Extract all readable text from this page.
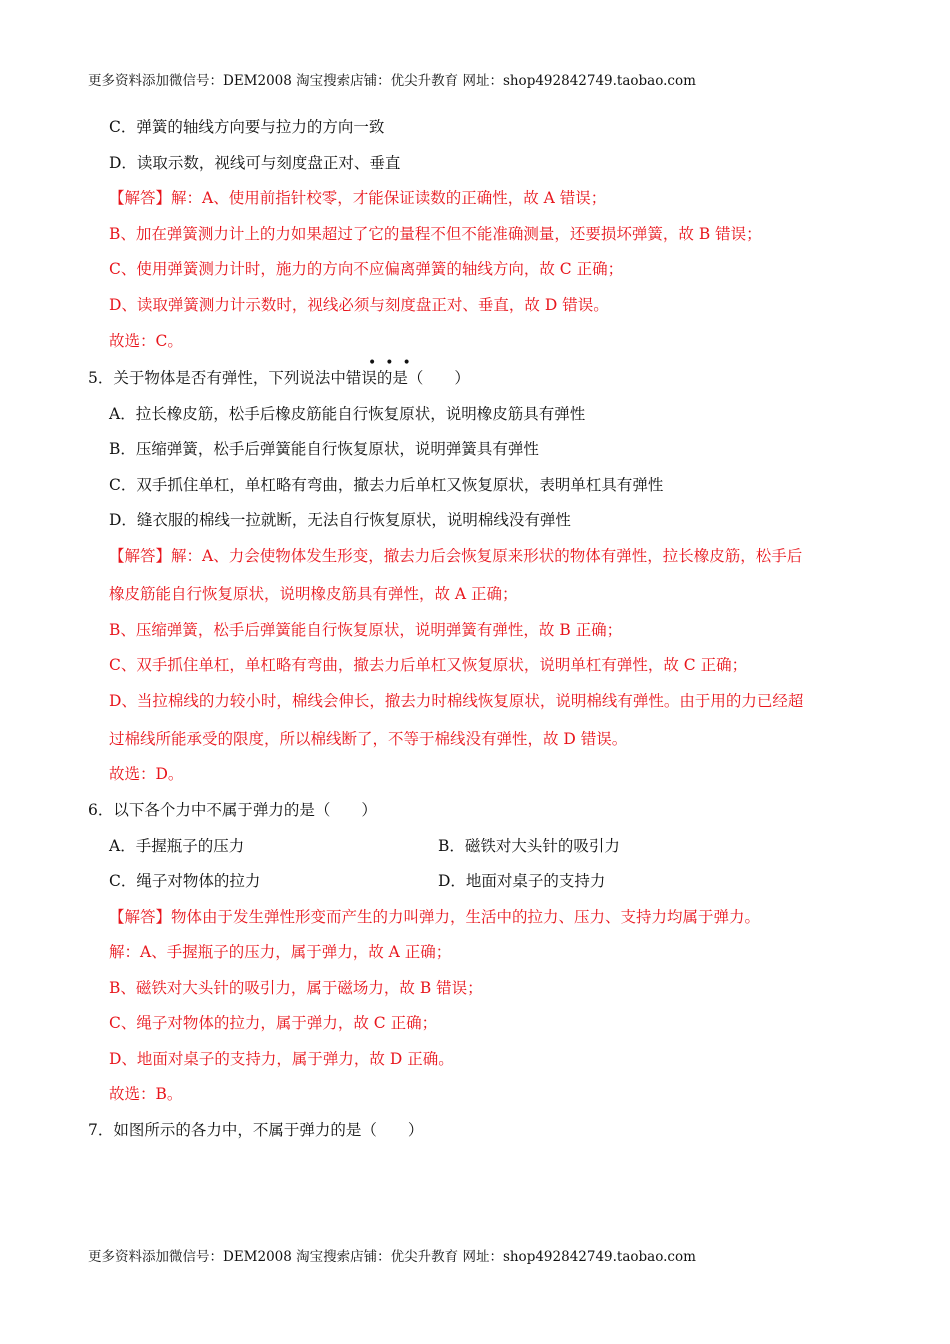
更多资料添加微信号：DEM2008 淘宝搜索店铺：优尖升教育 网址：shop492842749.taobao.com
C．弹簧的轴线方向要与拉力的方向一致
D．读取示数，视线可与刻度盘正对、垂直
【解答】解：A、使用前指针校零，才能保证读数的正确性，故 A 错误；
B、加在弹簧测力计上的力如果超过了它的量程不但不能准确测量，还要损坏弹簧，故 B 错误；
C、使用弹簧测力计时，施力的方向不应偏离弹簧的轴线方向，故 C 正确；
D、读取弹簧测力计示数时，视线必须与刻度盘正对、垂直，故 D 错误。
故选：C。
•••
5．关于物体是否有弹性，下列说法中错误的是（　　）
A．拉长橡皮筋，松手后橡皮筋能自行恢复原状，说明橡皮筋具有弹性
B．压缩弹簧，松手后弹簧能自行恢复原状，说明弹簧具有弹性
C．双手抓住单杠，单杠略有弯曲，撤去力后单杠又恢复原状，表明单杠具有弹性
D．缝衣服的棉线一拉就断，无法自行恢复原状，说明棉线没有弹性
【解答】解：A、力会使物体发生形变，撤去力后会恢复原来形状的物体有弹性，拉长橡皮筋，松手后
橡皮筋能自行恢复原状，说明橡皮筋具有弹性，故 A 正确；
B、压缩弹簧，松手后弹簧能自行恢复原状，说明弹簧有弹性，故 B 正确；
C、双手抓住单杠，单杠略有弯曲，撤去力后单杠又恢复原状，说明单杠有弹性，故 C 正确；
D、当拉棉线的力较小时，棉线会伸长，撤去力时棉线恢复原状，说明棉线有弹性。由于用的力已经超
过棉线所能承受的限度，所以棉线断了，不等于棉线没有弹性，故 D 错误。
故选：D。
6．以下各个力中不属于弹力的是（　　）
A．手握瓶子的压力	B．磁铁对大头针的吸引力
C．绳子对物体的拉力	D．地面对桌子的支持力
【解答】物体由于发生弹性形变而产生的力叫弹力，生活中的拉力、压力、支持力均属于弹力。
解：A、手握瓶子的压力，属于弹力，故 A 正确；
B、磁铁对大头针的吸引力，属于磁场力，故 B 错误；
C、绳子对物体的拉力，属于弹力，故 C 正确；
D、地面对桌子的支持力，属于弹力，故 D 正确。
故选：B。
7．如图所示的各力中，不属于弹力的是（　　）
更多资料添加微信号：DEM2008 淘宝搜索店铺：优尖升教育 网址：shop492842749.taobao.com
